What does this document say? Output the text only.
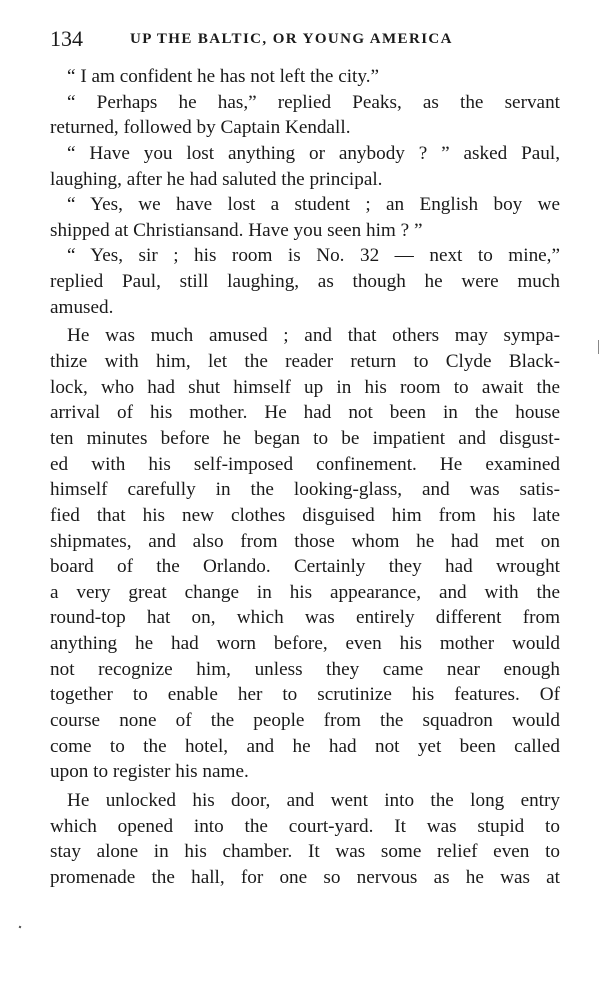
134	UP THE BALTIC, OR YOUNG AMERICA
“ I am confident he has not left the city.”
“ Perhaps he has,” replied Peaks, as the servant
returned, followed by Captain Kendall.
“ Have you lost anything or anybody ? ” asked Paul,
laughing, after he had saluted the principal.
“ Yes, we have lost a student ; an English boy we
shipped at Christiansand. Have you seen him ? ”
“ Yes, sir ; his room is No. 32 — next to mine,”
replied Paul, still laughing, as though he were much
amused.
He was much amused ; and that others may sympa-
thize with him, let the reader return to Clyde Black-
lock, who had shut himself up in his room to await the
arrival of his mother. He had not been in the house
ten minutes before he began to be impatient and disgust-
ed with his self-imposed confinement. He examined
himself carefully in the looking-glass, and was satis-
fied that his new clothes disguised him from his late
shipmates, and also from those whom he had met on
board of the Orlando. Certainly they had wrought
a very great change in his appearance, and with the
round-top hat on, which was entirely different from
anything he had worn before, even his mother would
not recognize him, unless they came near enough
together to enable her to scrutinize his features. Of
course none of the people from the squadron would
come to the hotel, and he had not yet been called
upon to register his name.
He unlocked his door, and went into the long entry
which opened into the court-yard. It was stupid to
stay alone in his chamber. It was some relief even to
promenade the hall, for one so nervous as he was at
